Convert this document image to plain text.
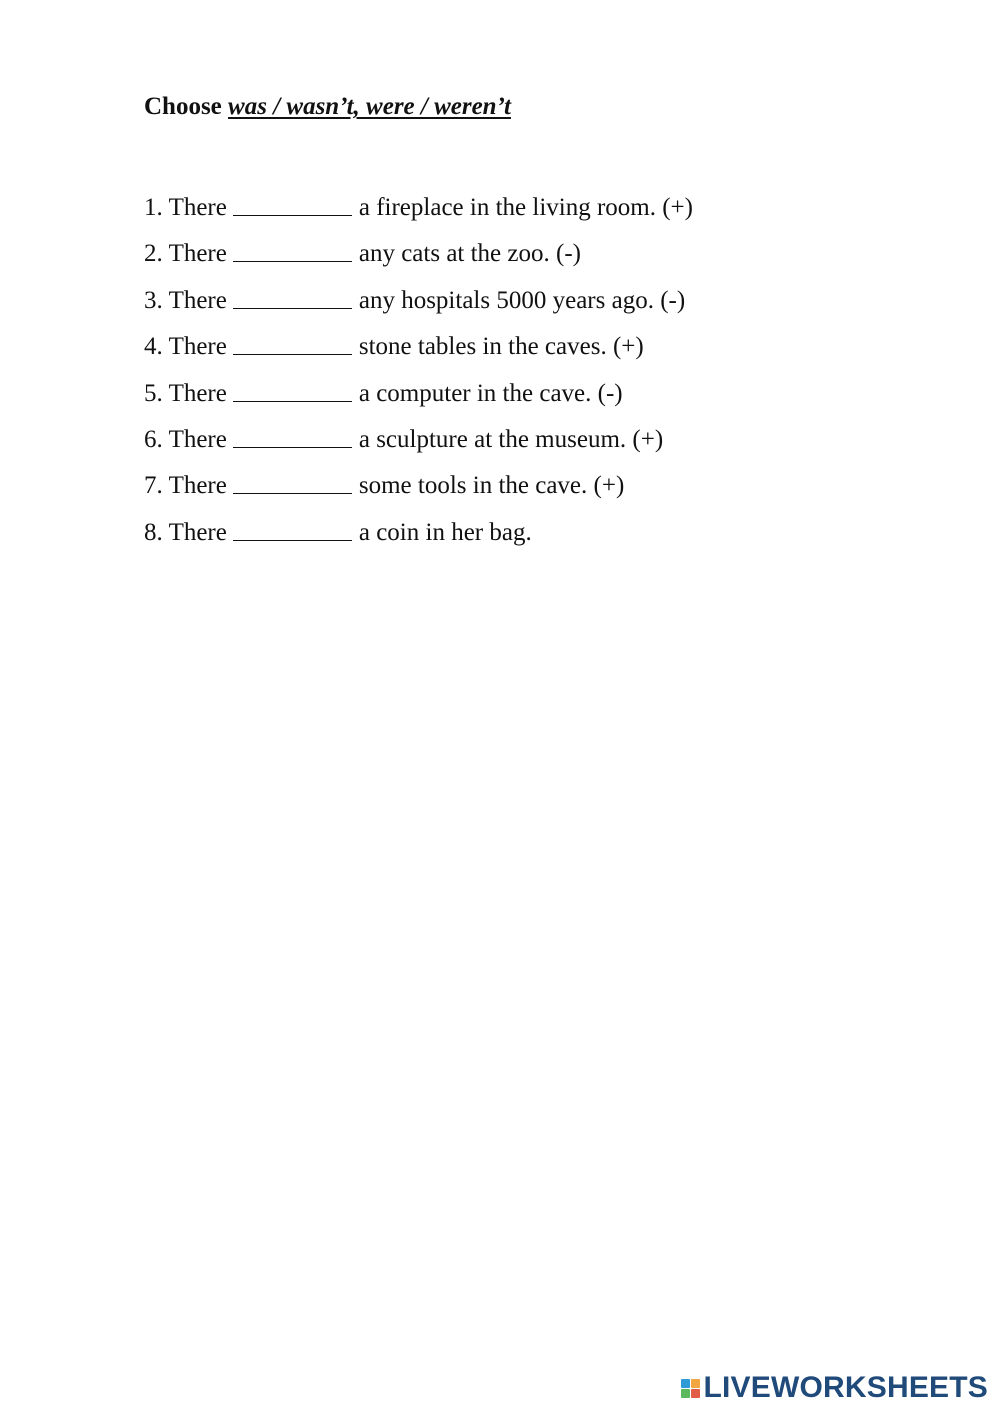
Choose was / wasn’t, were / weren’t
1. There	a fireplace in the living room. (+)
2. There	any cats at the zoo. (-)
3. There	any hospitals 5000 years ago. (-)
4. There	stone tables in the caves. (+)
5. There	a computer in the cave. (-)
6. There	a sculpture at the museum. (+)
7. There	some tools in the cave. (+)
8. There	a coin in her bag.
LIVEWORKSHEETS
